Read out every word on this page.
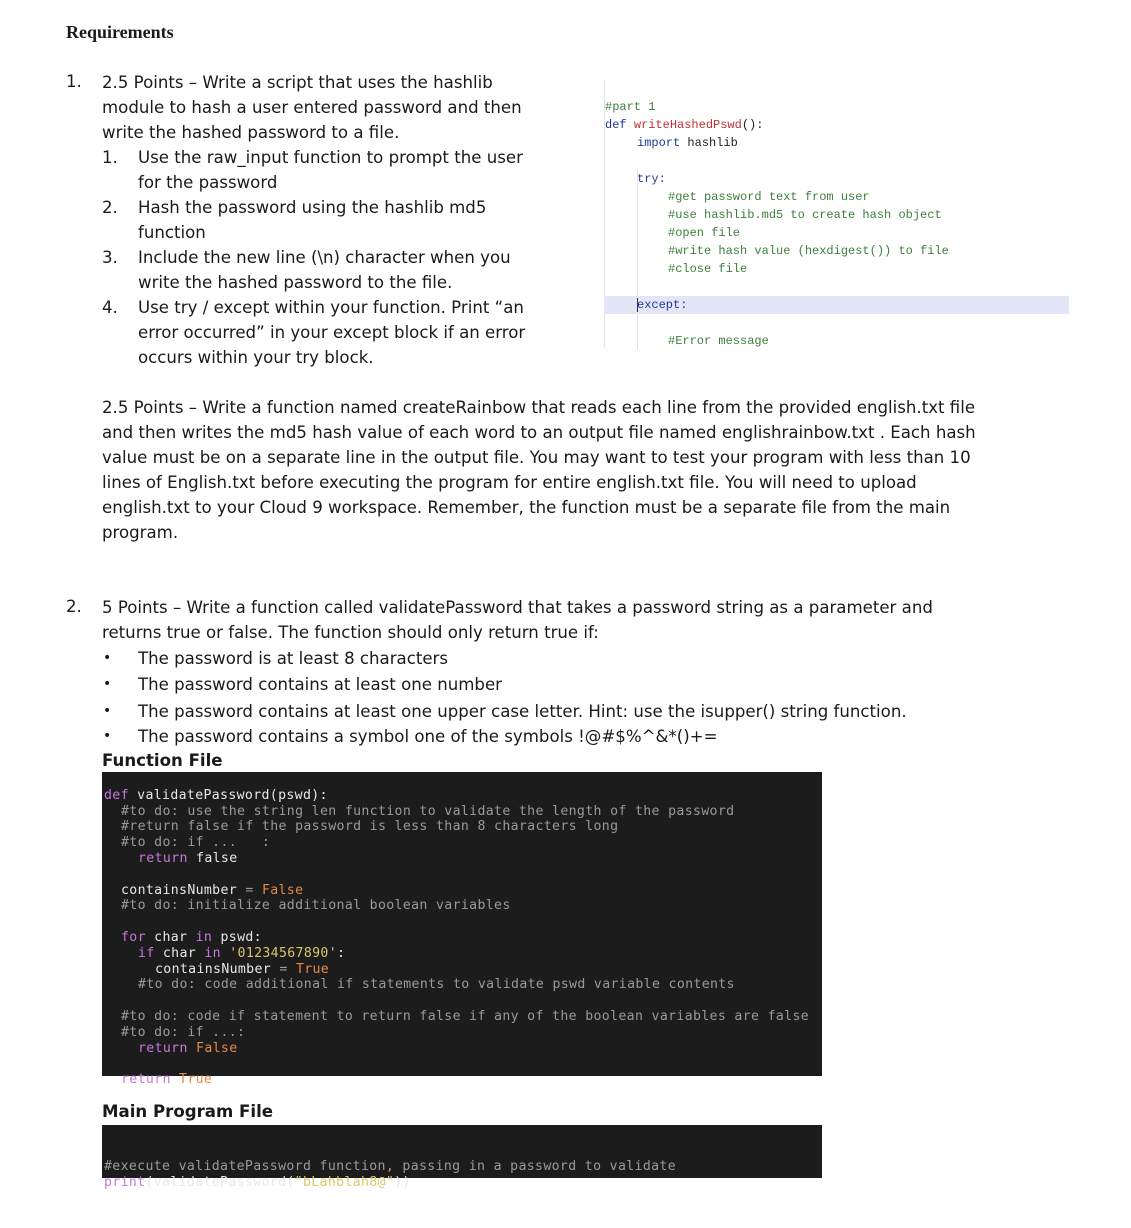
Requirements
1. 2.5 Points – Write a script that uses the hashlib
module to hash a user entered password and then
write the hashed password to a file.
1. Use the raw_input function to prompt the user
for the password
2. Hash the password using the hashlib md5
function
3. Include the new line (\n) character when you
write the hashed password to the file.
4. Use try / except within your function. Print “an
error occurred” in your except block if an error
occurs within your try block.

#part 1
def writeHashedPswd():
import hashlib

try:
#get password text from user
#use hashlib.md5 to create hash object
#open file
#write hash value (hexdigest()) to file
#close file

except:

#Error message

2.5 Points – Write a function named createRainbow that reads each line from the provided english.txt file
and then writes the md5 hash value of each word to an output file named englishrainbow.txt . Each hash
value must be on a separate line in the output file. You may want to test your program with less than 10
lines of English.txt before executing the program for entire english.txt file. You will need to upload
english.txt to your Cloud 9 workspace. Remember, the function must be a separate file from the main
program.
2. 5 Points – Write a function called validatePassword that takes a password string as a parameter and
returns true or false. The function should only return true if:
• The password is at least 8 characters
• The password contains at least one number
• The password contains at least one upper case letter. Hint: use the isupper() string function.
• The password contains a symbol one of the symbols !@#$%^&*()+=
Function File

def validatePassword(pswd):
#to do: use the string len function to validate the length of the password
#return false if the password is less than 8 characters long
#to do: if ...   :
return false

containsNumber = False
#to do: initialize additional boolean variables

for char in pswd:
if char in '01234567890':
containsNumber = True
#to do: code additional if statements to validate pswd variable contents

#to do: code if statement to return false if any of the boolean variables are false
#to do: if ...:
return False

return True

Main Program File

#execute validatePassword function, passing in a password to validate
print(validatePassword("bLahblah8@"))
